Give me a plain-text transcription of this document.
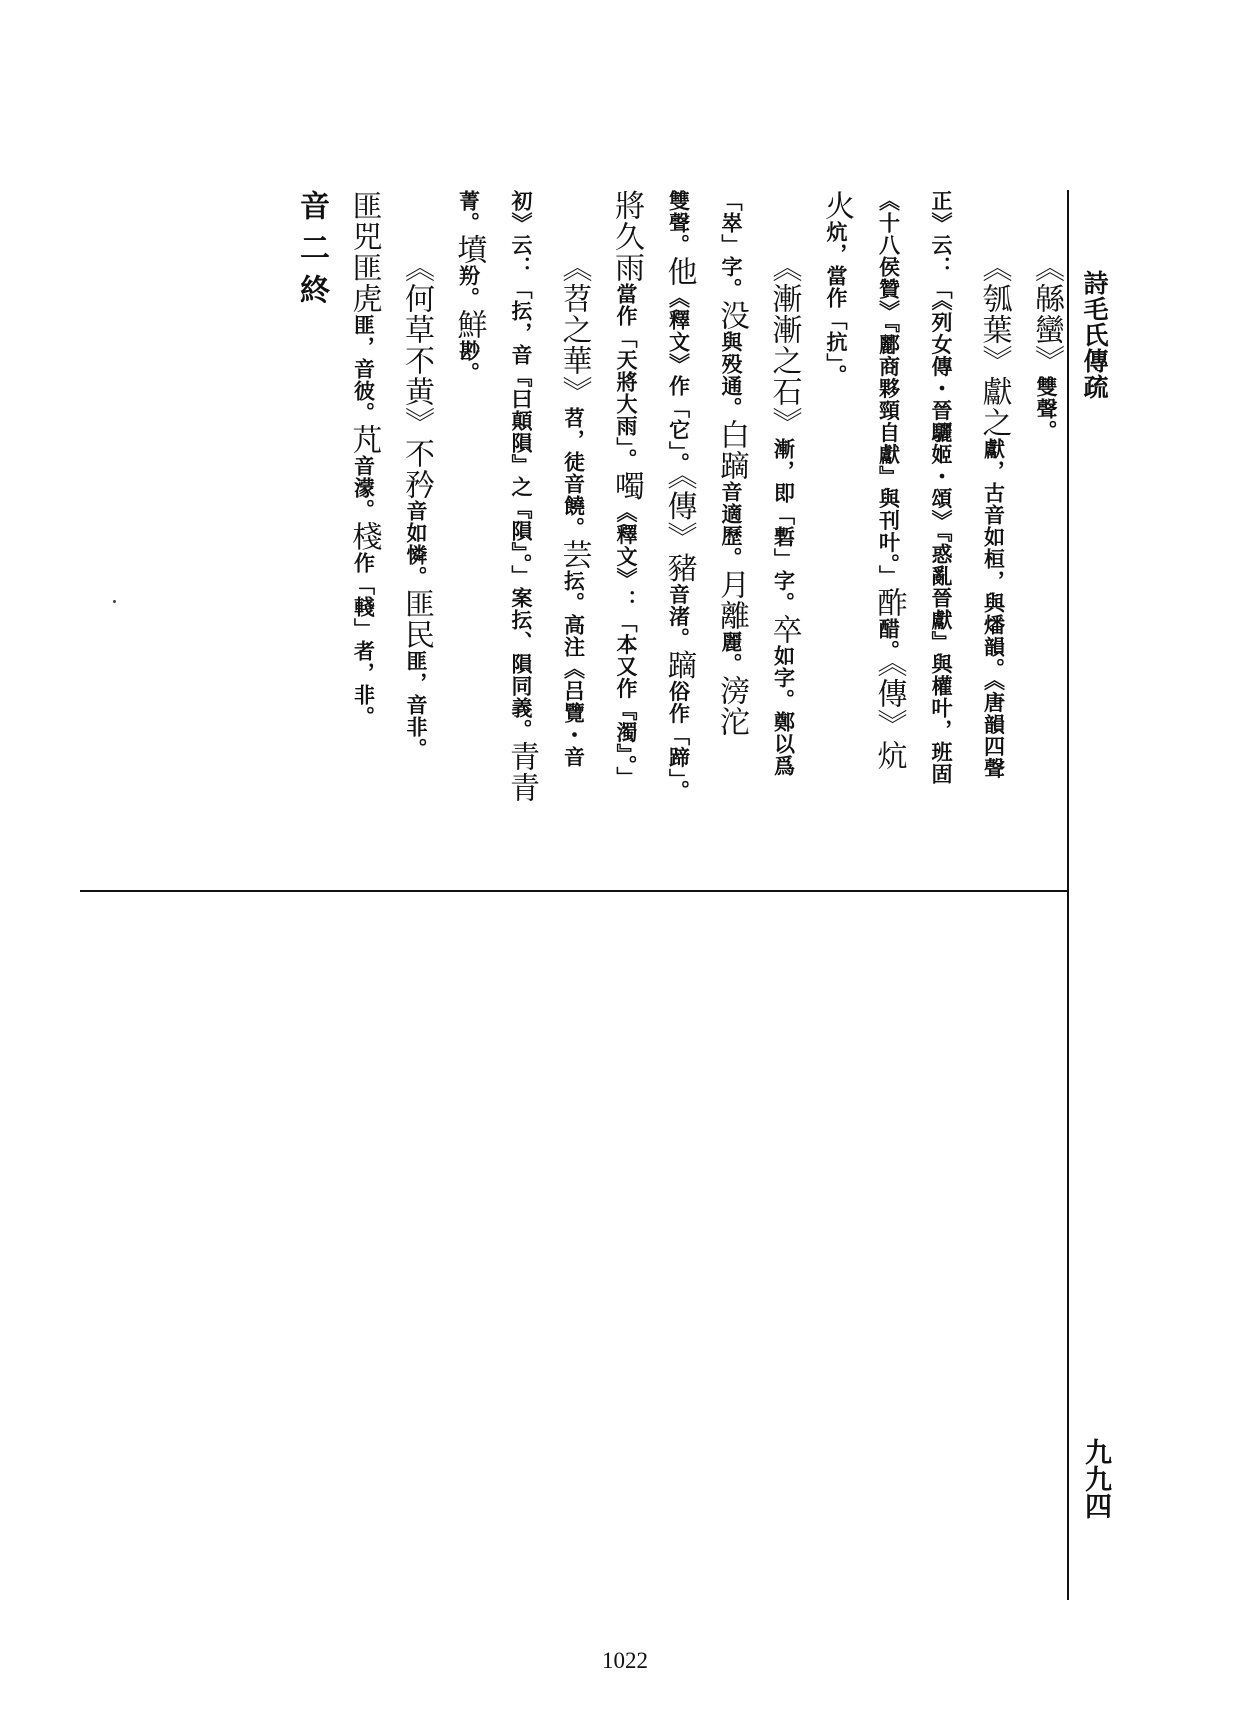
詩毛氏傳疏
九九四
《緜蠻》雙聲。
《瓠葉》獻之獻，古音如桓，與燔韻。《唐韻四聲
正》云：「《列女傳・晉驪姬・頌》『惑亂晉獻』與權叶，班固
《十八侯贊》『酈商夥頸自獻』與刊叶。」酢醋。《傳》炕
火炕，當作「抗」。
《漸漸之石》漸，即「磛」字。卒如字。鄭以爲
「崒」字。没與殁通。白蹢音適歷。月離麗。滂沱
雙聲。他《釋文》作「它」。《傳》豬音渚。蹢俗作「蹄」。
將久雨當作「天將大雨」。噣《釋文》：「本又作『濁』。」
《苕之華》苕，徒音饒。芸抎。高注《吕覽・音
初》云：「抎，音『曰顛隕』之『隕』。」案抎、隕同義。青青
菁。墳羒。鮮尠。
《何草不黄》不矜音如憐。匪民匪，音非。
匪兕匪虎匪，音彼。芃音濛。棧作「輚」者，非。
音二終
1022
